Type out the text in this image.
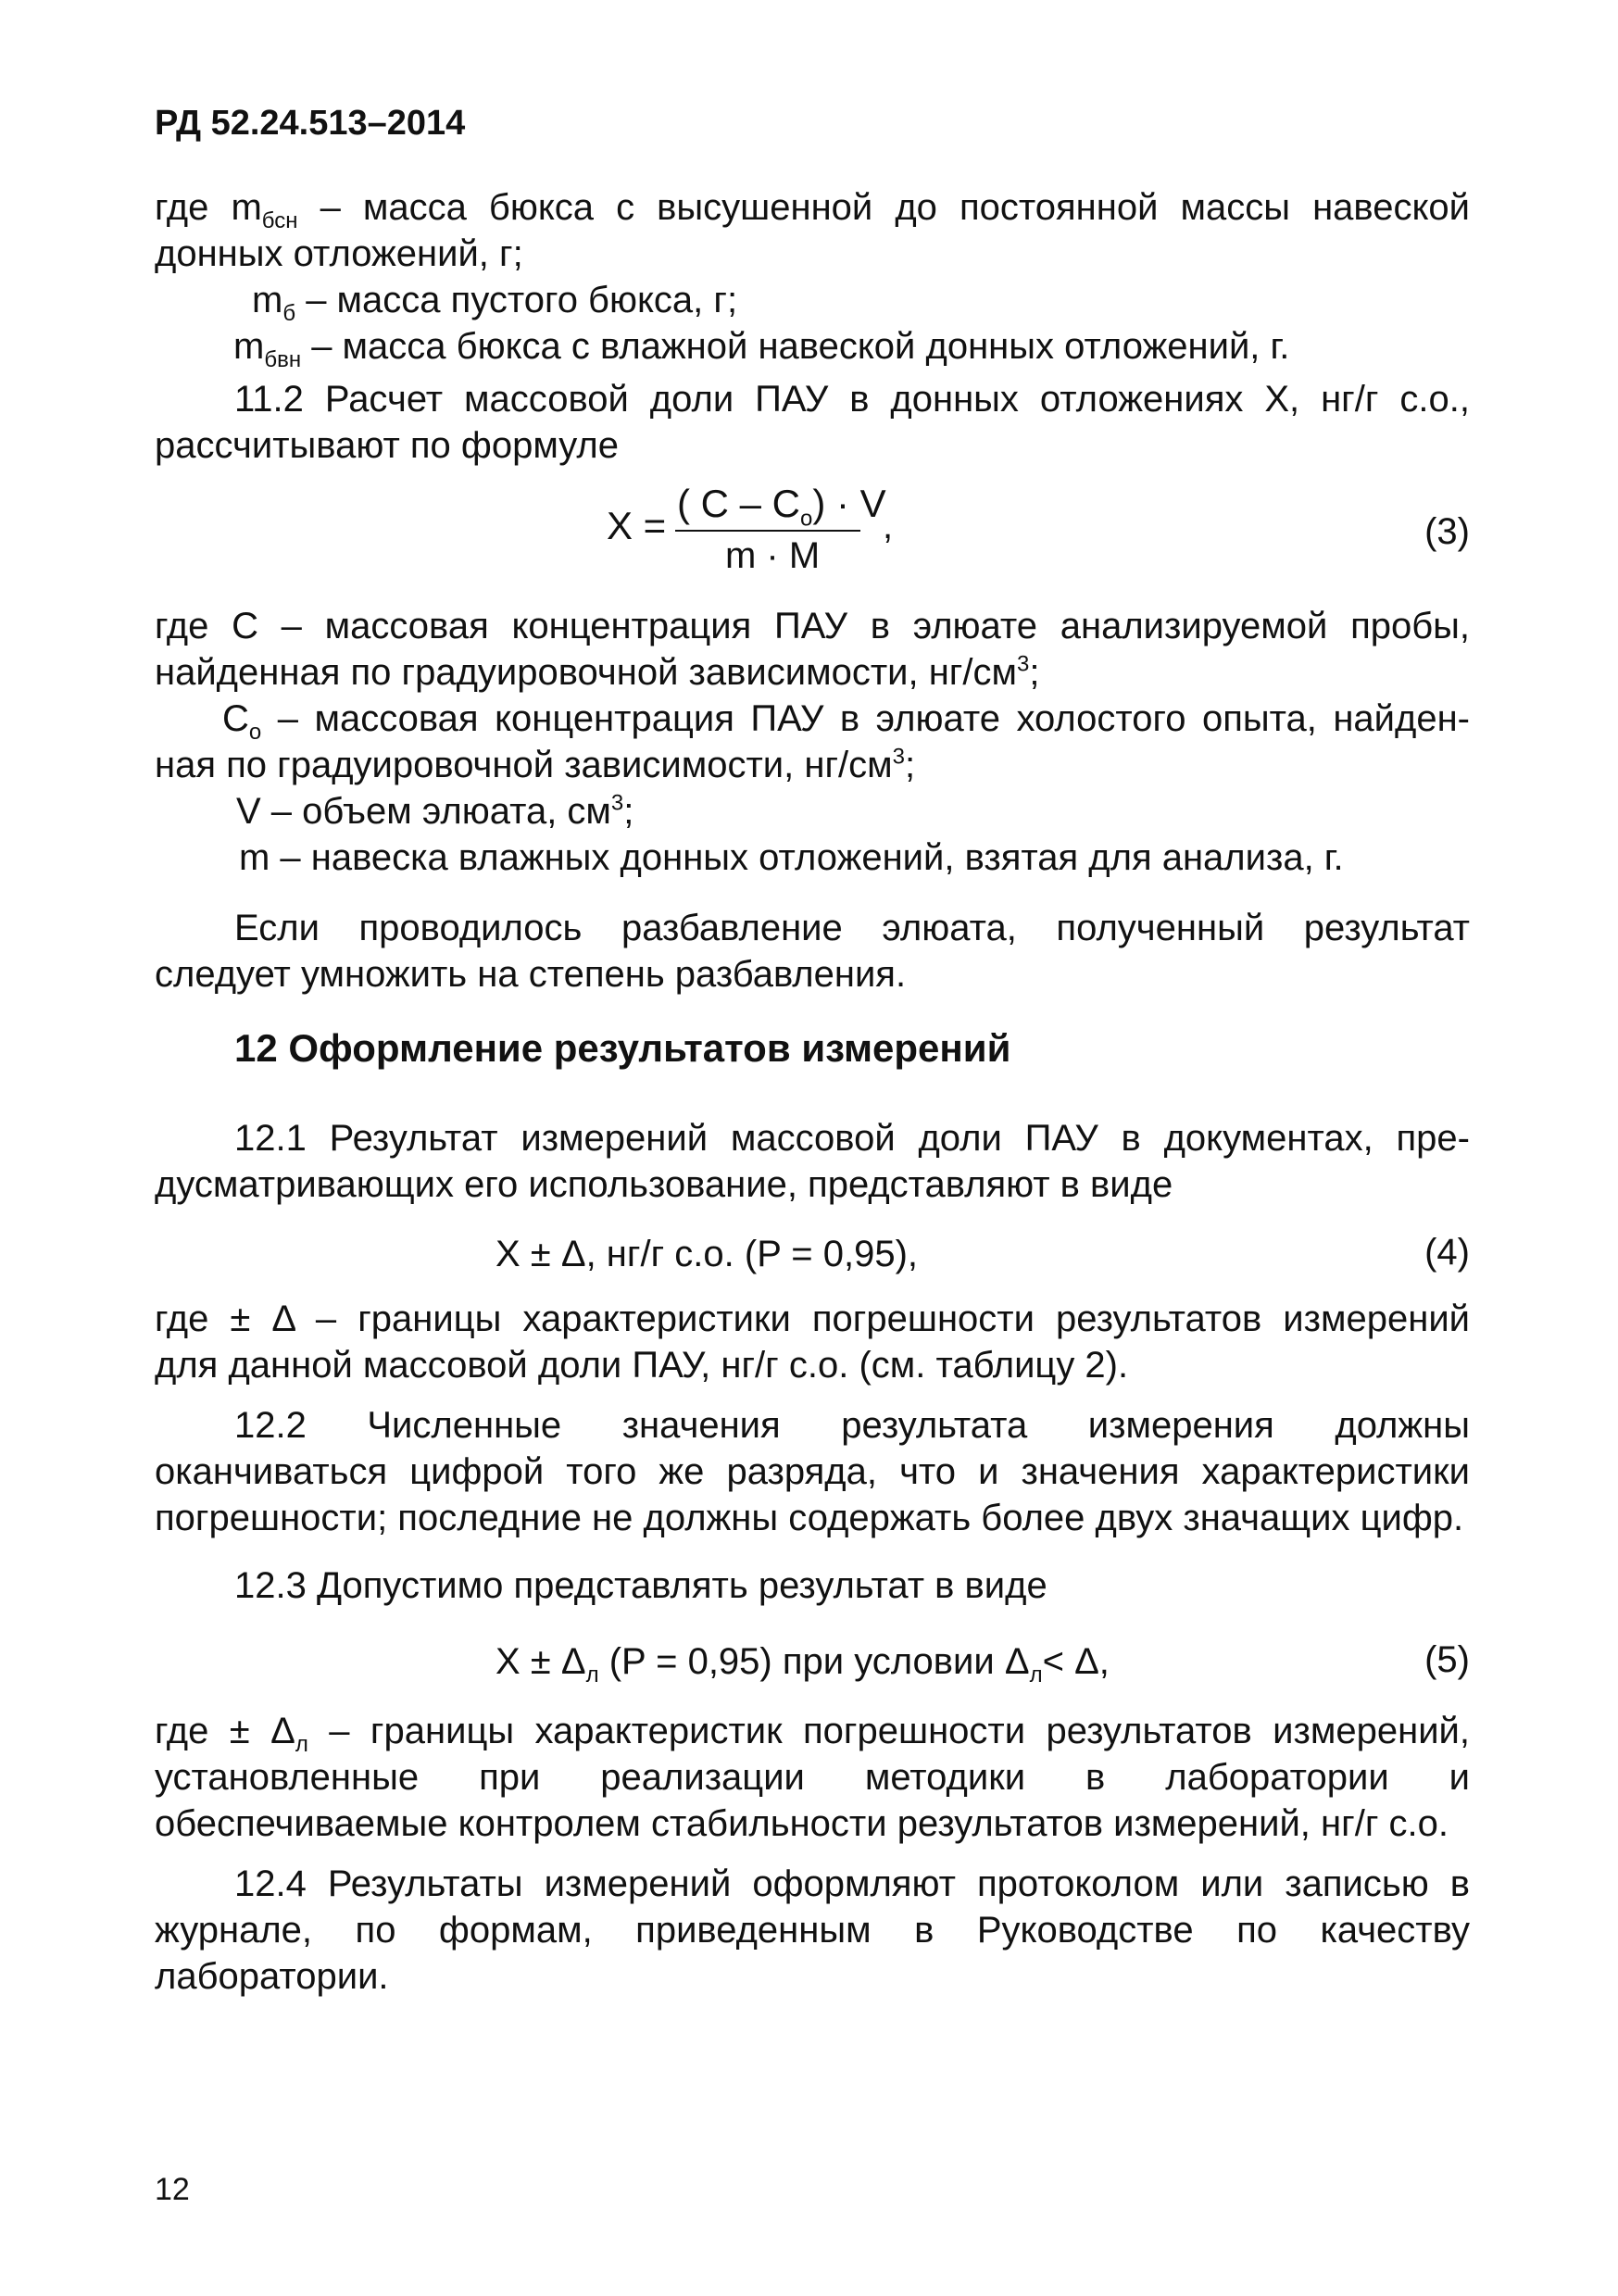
РД 52.24.513–2014
где $m_{бсн}$ – масса бюкса с высушенной до постоянной массы навеской
донных отложений, г;
$m_б$ – масса пустого бюкса, г;
$m_{бвн}$ – масса бюкса с влажной навеской донных отложений, г.
11.2 Расчет массовой доли ПАУ в донных отложениях X, нг/г с.о.,
рассчитывают по формуле
X =
( $C - C_o) \cdot V$
m · M
,	(3)
где C – массовая концентрация ПАУ в элюате анализируемой пробы,
найденная по градуировочной зависимости, $нг/см^3$;
$C_o$ – массовая концентрация ПАУ в элюате холостого опыта, найден-
ная по градуировочной зависимости, $нг/см^3$;
V – объем элюата, $см^3$;
m – навеска влажных донных отложений, взятая для анализа, г.
Если проводилось разбавление элюата, полученный результат
следует умножить на степень разбавления.
12 Оформление результатов измерений
12.1 Результат измерений массовой доли ПАУ в документах, пре-
дусматривающих его использование, представляют в виде
X ± Δ, нг/г с.о. (P = 0,95),	(4)
где ± Δ – границы характеристики погрешности результатов измерений
для данной массовой доли ПАУ, нг/г с.о. (см. таблицу 2).
12.2 Численные значения результата измерения должны
оканчиваться цифрой того же разряда, что и значения характеристики
погрешности; последние не должны содержать более двух значащих цифр.
12.3 Допустимо представлять результат в виде
$X \pm \Delta_л$ (P = 0,95) при условии $\Delta_л< \Delta$,	(5)
где ± $\Delta_л$ – границы характеристик погрешности результатов измерений,
установленные при реализации методики в лаборатории и
обеспечиваемые контролем стабильности результатов измерений, нг/г с.о.
12.4 Результаты измерений оформляют протоколом или записью в
журнале, по формам, приведенным в Руководстве по качеству
лаборатории.
12
